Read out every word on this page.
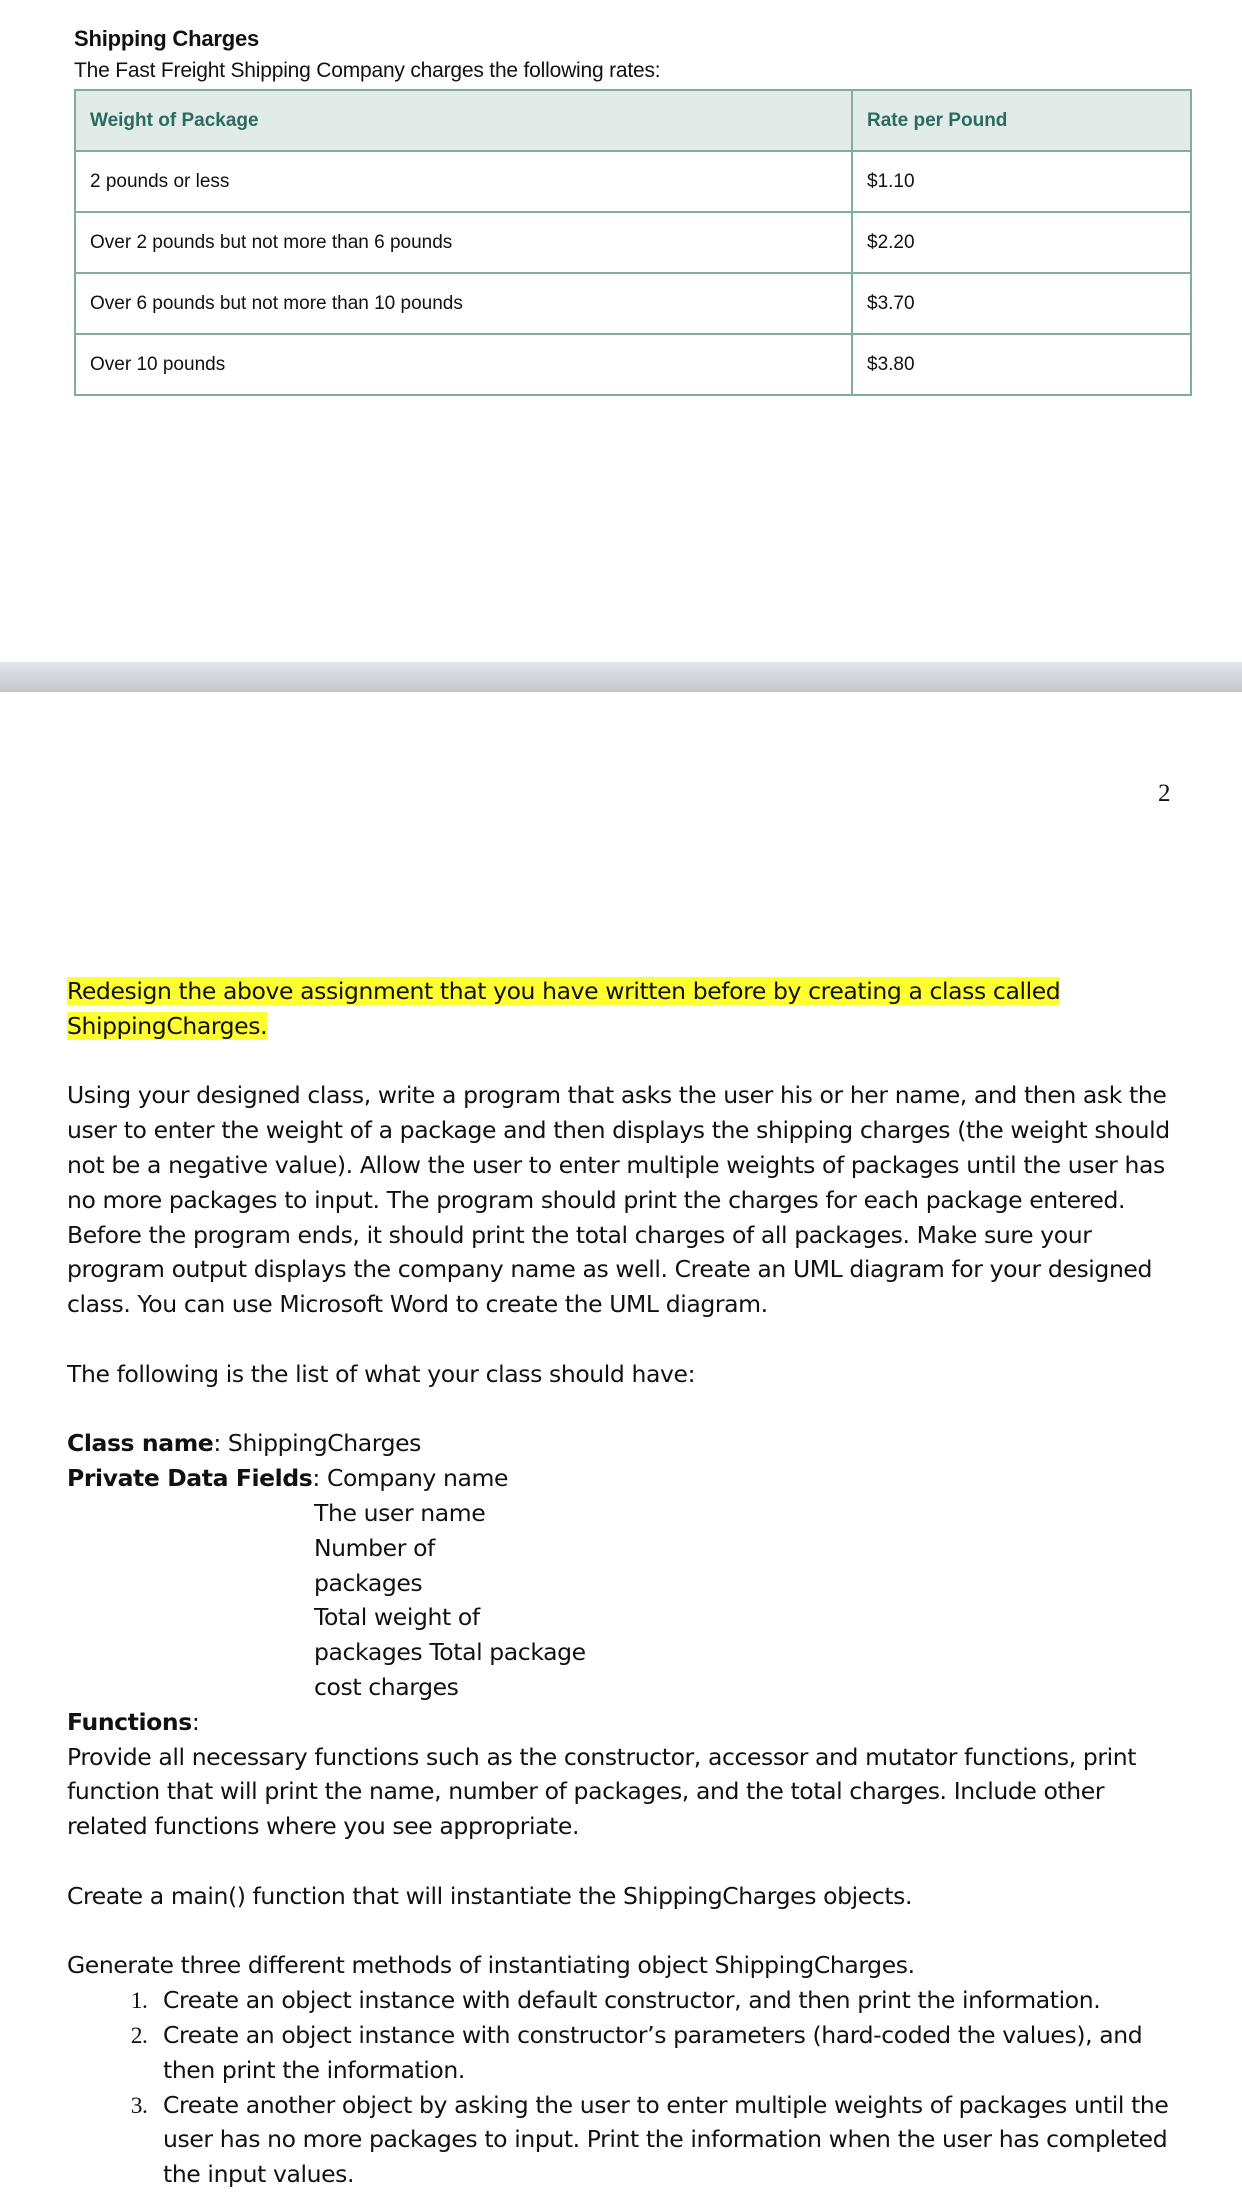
Shipping Charges
The Fast Freight Shipping Company charges the following rates:
Weight of Package	Rate per Pound
2 pounds or less	$1.10
Over 2 pounds but not more than 6 pounds	$2.20
Over 6 pounds but not more than 10 pounds	$3.70
Over 10 pounds	$3.80
2

Redesign the above assignment that you have written before by creating a class called ShippingCharges.

Using your designed class, write a program that asks the user his or her name, and then ask the user to enter the weight of a package and then displays the shipping charges (the weight should not be a negative value). Allow the user to enter multiple weights of packages until the user has no more packages to input. The program should print the charges for each package entered. Before the program ends, it should print the total charges of all packages. Make sure your program output displays the company name as well. Create an UML diagram for your designed class. You can use Microsoft Word to create the UML diagram.

The following is the list of what your class should have:

Class name: ShippingCharges

Private Data Fields: Company name

The user name

Number of

packages

Total weight of

packages Total package

cost charges

Functions:

Provide all necessary functions such as the constructor, accessor and mutator functions, print function that will print the name, number of packages, and the total charges. Include other related functions where you see appropriate.

Create a main() function that will instantiate the ShippingCharges objects.

Generate three different methods of instantiating object ShippingCharges.

1. Create an object instance with default constructor, and then print the information.
2. Create an object instance with constructor’s parameters (hard-coded the values), and then print the information.
3. Create another object by asking the user to enter multiple weights of packages until the user has no more packages to input. Print the information when the user has completed the input values.
